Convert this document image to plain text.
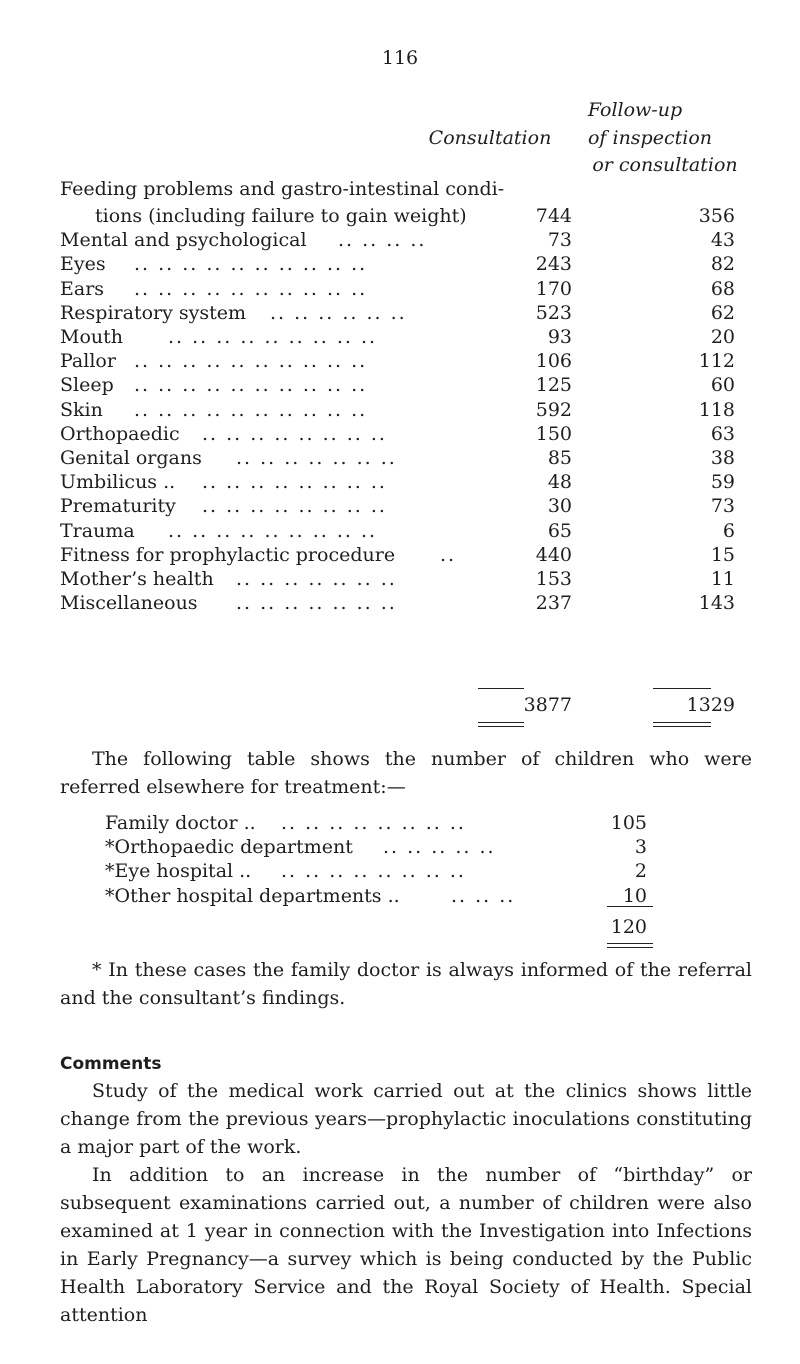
116
Follow-up
Consultation	of inspection
or consultation
Feeding problems and gastro-intestinal condi-
tions (including failure to gain weight)	744	356
Mental and psychological	73	43
.. .. .. ..
Eyes	243	82
.. .. .. .. .. .. .. .. .. ..
Ears	170	68
.. .. .. .. .. .. .. .. .. ..
Respiratory system	523	62
.. .. .. .. .. ..
Mouth	93	20
.. .. .. .. .. .. .. .. ..
Pallor	106	112
.. .. .. .. .. .. .. .. .. ..
Sleep	125	60
.. .. .. .. .. .. .. .. .. ..
Skin	592	118
.. .. .. .. .. .. .. .. .. ..
Orthopaedic	150	63
.. .. .. .. .. .. .. ..
Genital organs	85	38
.. .. .. .. .. .. ..
Umbilicus ..	48	59
.. .. .. .. .. .. .. ..
Prematurity	30	73
.. .. .. .. .. .. .. ..
Trauma	65	6
.. .. .. .. .. .. .. .. ..
Fitness for prophylactic procedure	440	15
..
Mother’s health	153	11
.. .. .. .. .. .. ..
Miscellaneous	237	143
.. .. .. .. .. .. ..
3877	1329
The following table shows the number of children who were referred elsewhere for treatment:—
Family doctor ..	105
.. .. .. .. .. .. .. ..
*Orthopaedic department	3
.. .. .. .. ..
*Eye hospital ..	2
.. .. .. .. .. .. .. ..
*Other hospital departments ..	10
.. .. ..
120
* In these cases the family doctor is always informed of the referral and the consultant’s findings.
Comments
Study of the medical work carried out at the clinics shows little change from the previous years—prophylactic inoculations constituting a major part of the work.
In addition to an increase in the number of “birthday” or subsequent examinations carried out, a number of children were also examined at 1 year in connection with the Investigation into Infections in Early Pregnancy—a survey which is being conducted by the Public Health Laboratory Service and the Royal Society of Health. Special attention
